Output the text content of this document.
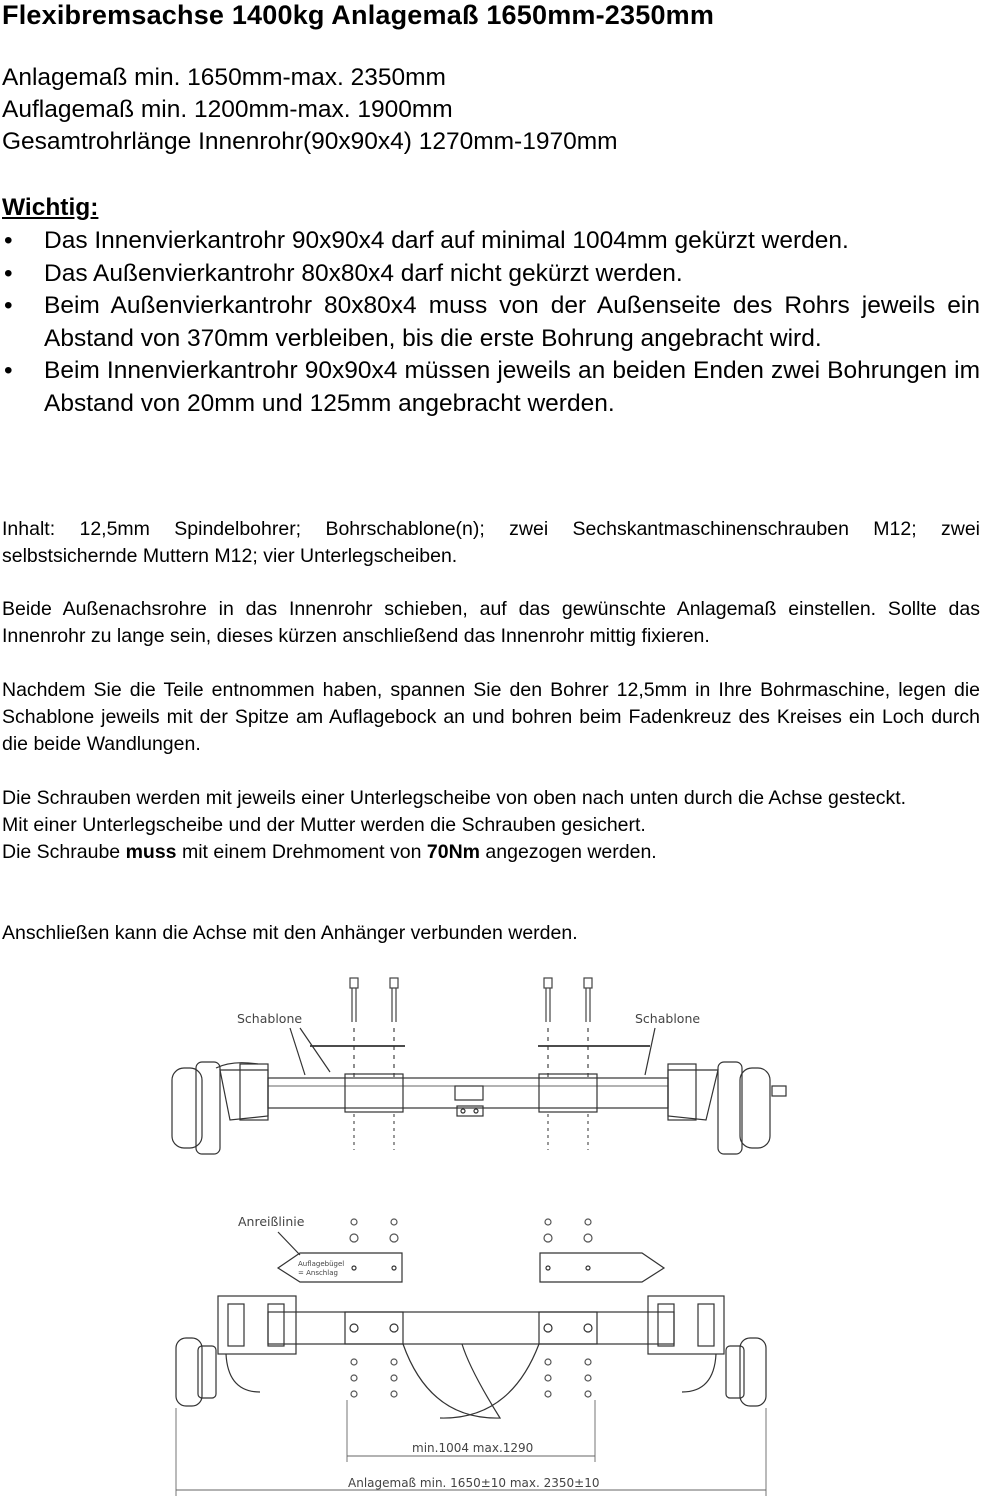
Flexibremsachse 1400kg Anlagemaß 1650mm-2350mm
Anlagemaß min. 1650mm-max. 2350mm
Auflagemaß min. 1200mm-max. 1900mm
Gesamtrohrlänge Innenrohr(90x90x4) 1270mm-1970mm
Wichtig:
• Das Innenvierkantrohr 90x90x4 darf auf minimal 1004mm gekürzt werden.
• Das Außenvierkantrohr 80x80x4 darf nicht gekürzt werden.
• Beim Außenvierkantrohr 80x80x4 muss von der Außenseite des Rohrs jeweils ein Abstand von 370mm verbleiben, bis die erste Bohrung angebracht wird.
• Beim Innenvierkantrohr 90x90x4 müssen jeweils an beiden Enden zwei Bohrungen im Abstand von 20mm und 125mm angebracht werden.
Inhalt: 12,5mm Spindelbohrer; Bohrschablone(n); zwei Sechskantmaschinenschrauben M12; zwei selbstsichernde Muttern M12; vier Unterlegscheiben.
Beide Außenachsrohre in das Innenrohr schieben, auf das gewünschte Anlagemaß einstellen. Sollte das Innenrohr zu lange sein, dieses kürzen anschließend das Innenrohr mittig fixieren.
Nachdem Sie die Teile entnommen haben, spannen Sie den Bohrer 12,5mm in Ihre Bohrmaschine, legen die Schablone jeweils mit der Spitze am Auflagebock an und bohren beim Fadenkreuz des Kreises ein Loch durch die beide Wandlungen.

Die Schrauben werden mit jeweils einer Unterlegscheibe von oben nach unten durch die Achse gesteckt.

Mit einer Unterlegscheibe und der Mutter werden die Schrauben gesichert.

Die Schraube muss mit einem Drehmoment von 70Nm angezogen werden.

Anschließen kann die Achse mit den Anhänger verbunden werden.
Schablone	Schablone
Anreißlinie
Auflagebügel
= Anschlag
min.1004 max.1290
Anlagemaß min. 1650±10 max. 2350±10
